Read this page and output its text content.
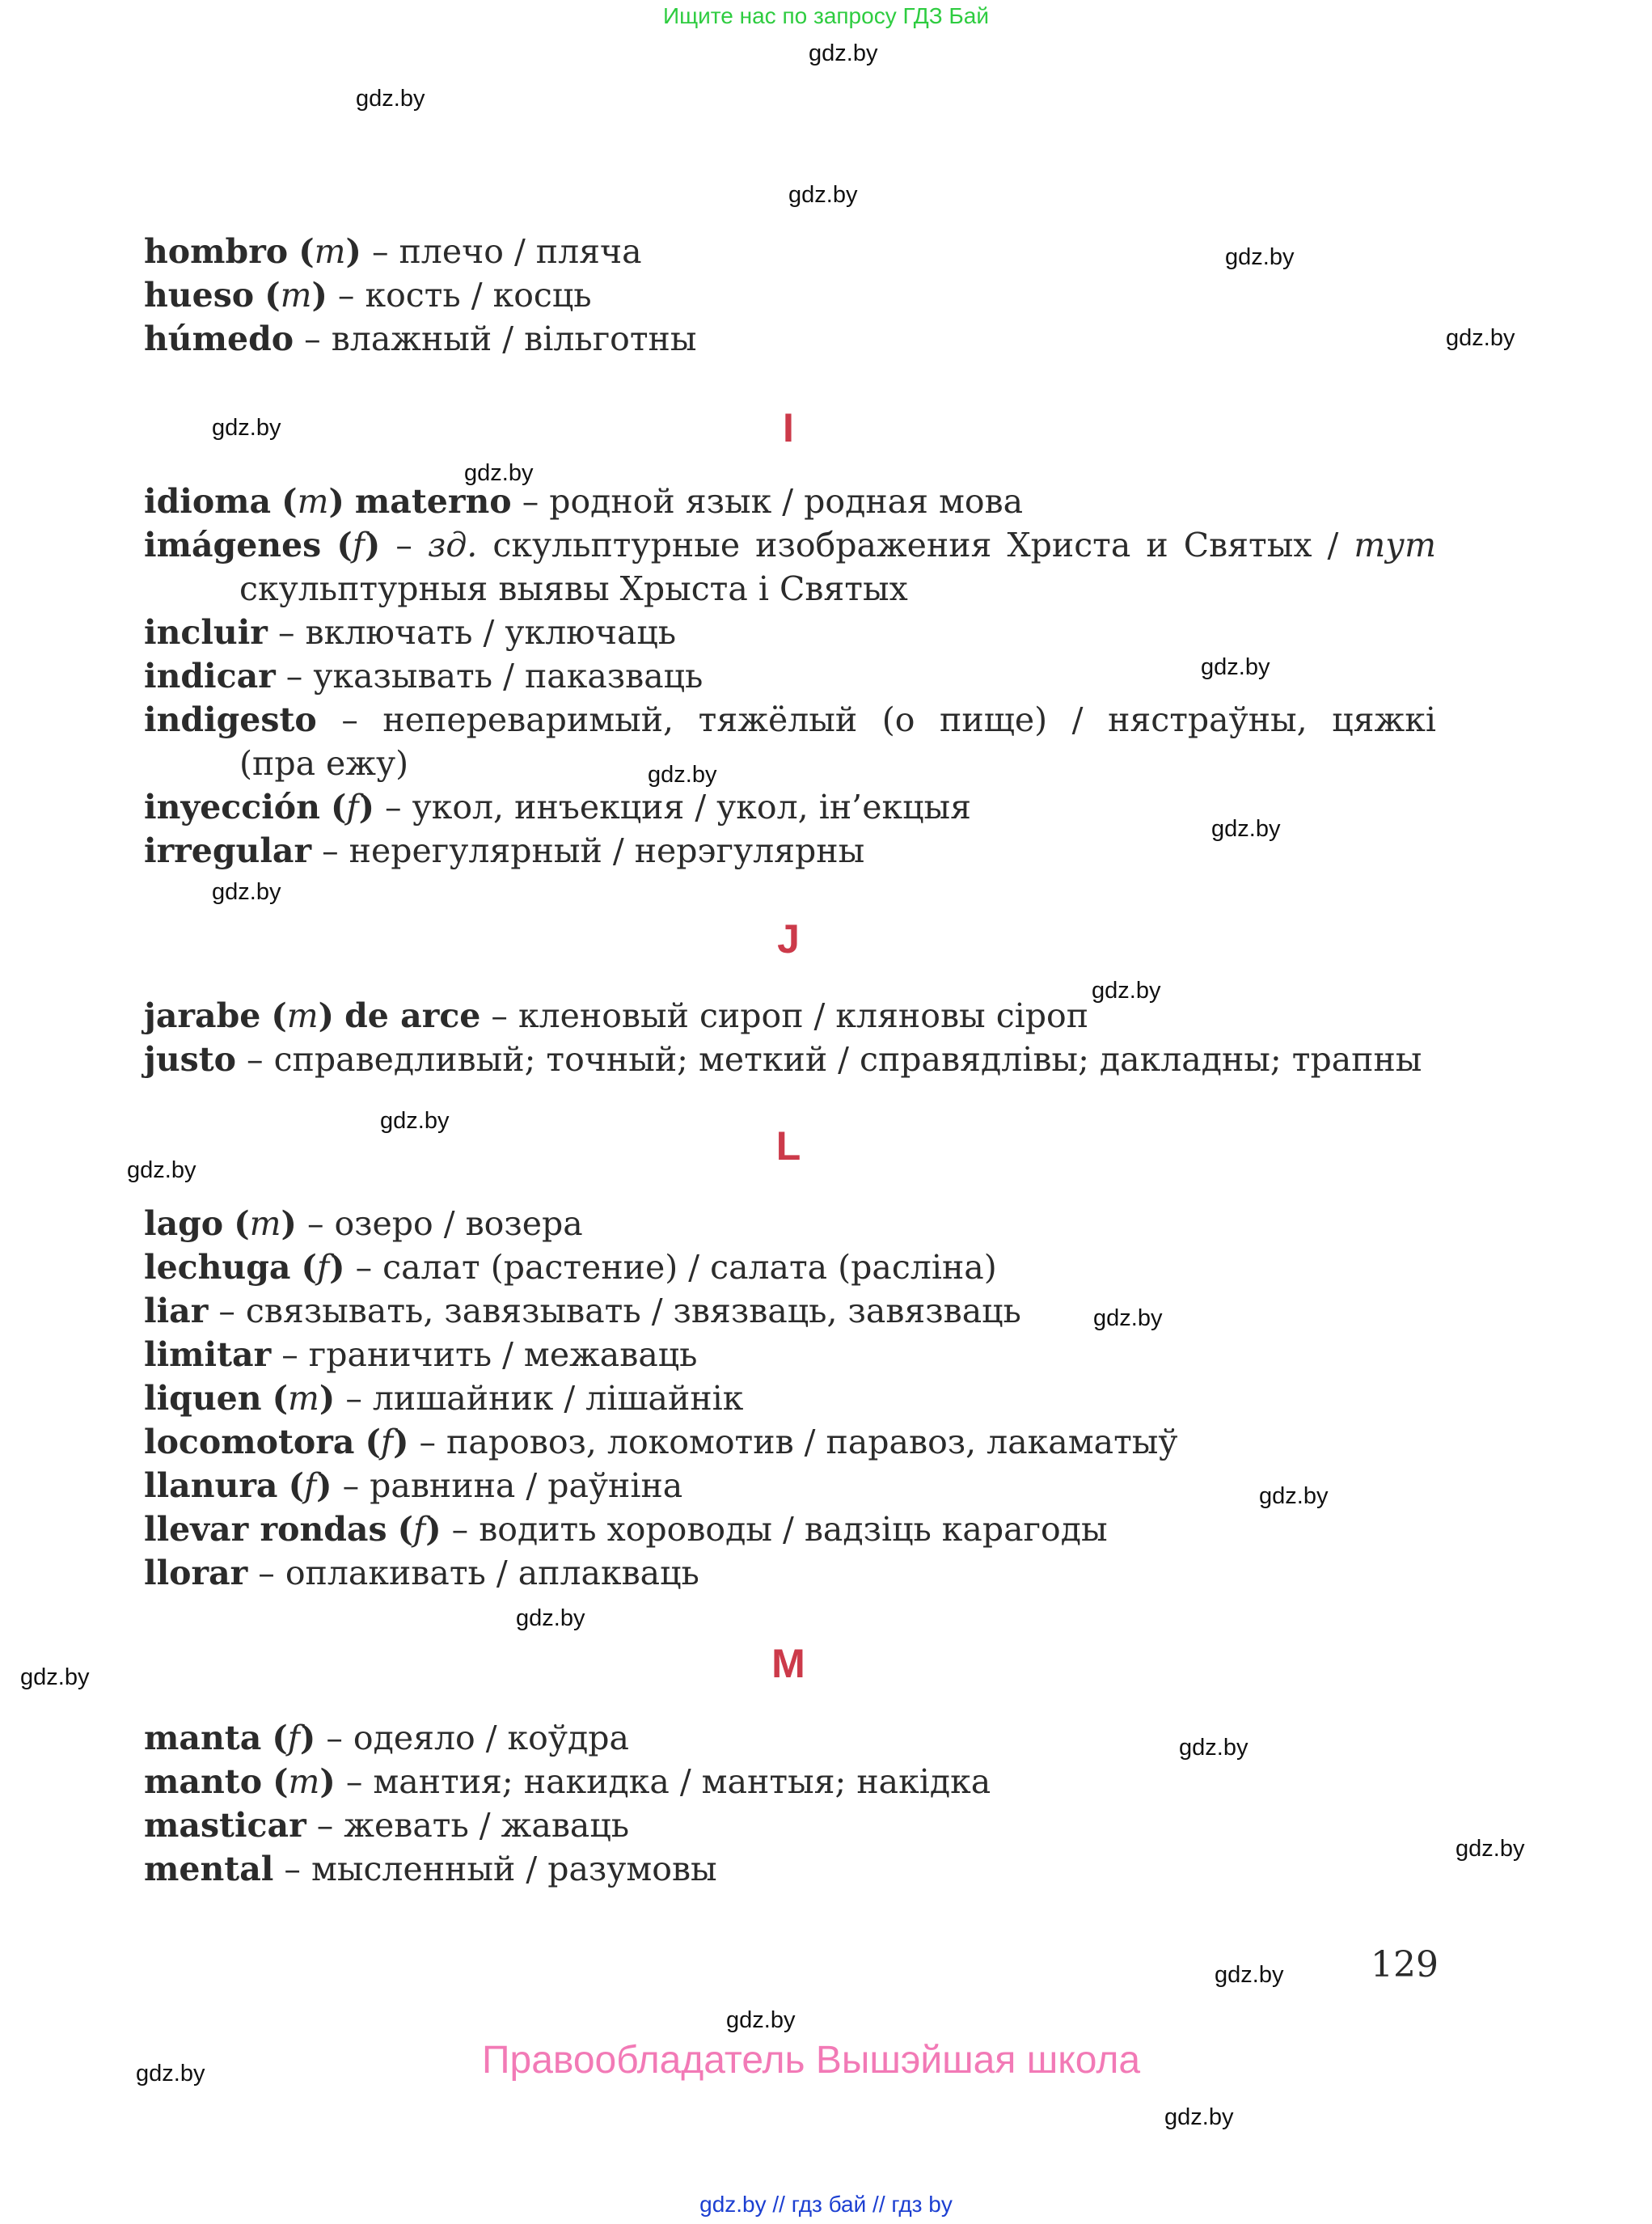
Ищите нас по запросу ГДЗ Бай
gdz.by
gdz.by
gdz.by
gdz.by
gdz.by
gdz.by
gdz.by
gdz.by
gdz.by
gdz.by
gdz.by
gdz.by
gdz.by
gdz.by
gdz.by
gdz.by
gdz.by
gdz.by
gdz.by
gdz.by
gdz.by
gdz.by
gdz.by
gdz.by
hombro (m) – плечо / пляча
hueso (m) – кость / косць
húmedo – влажный / вільготны
I
idioma (m) materno – родной язык / родная мова
imágenes (f) – зд. скульптурные изображения Христа и Святых / тут
скульптурныя выявы Хрыста і Святых
incluir – включать / уключаць
indicar – указывать / паказваць
indigesto – непереваримый, тяжёлый (о пище) / нястраўны, цяжкі
(пра ежу)
inyección (f) – укол, инъекция / укол, ін’екцыя
irregular – нерегулярный / нерэгулярны
J
jarabe (m) de arce – кленовый сироп / кляновы сіроп
justo – справедливый; точный; меткий / справядлівы; дакладны; трапны
L
lago (m) – озеро / возера
lechuga (f) – салат (растение) / салата (расліна)
liar – связывать, завязывать / звязваць, завязваць
limitar – граничить / межаваць
liquen (m) – лишайник / лішайнік
locomotora (f) – паровоз, локомотив / паравоз, лакаматыў
llanura (f) – равнина / раўніна
llevar rondas (f) – водить хороводы / вадзіць карагоды
llorar – оплакивать / аплакваць
M
manta (f) – одеяло / коўдра
manto (m) – мантия; накидка / мантыя; накідка
masticar – жевать / жаваць
mental – мысленный / разумовы
129
Правообладатель Вышэйшая школа
gdz.by // гдз бай // гдз by
